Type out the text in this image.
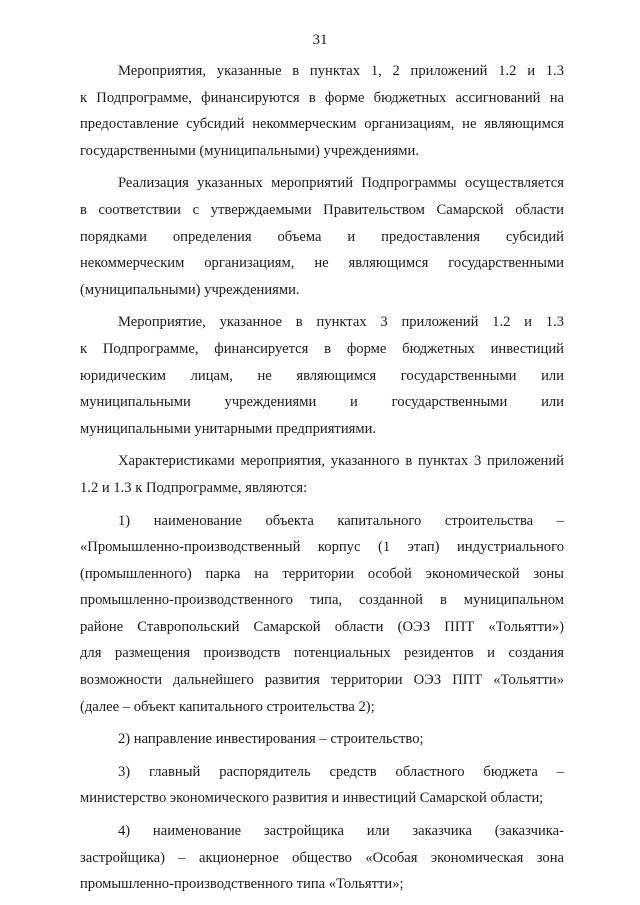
31
Мероприятия, указанные в пунктах 1, 2 приложений 1.2 и 1.3
к Подпрограмме, финансируются в форме бюджетных ассигнований на
предоставление субсидий некоммерческим организациям, не являющимся
государственными (муниципальными) учреждениями.
Реализация указанных мероприятий Подпрограммы осуществляется
в соответствии с утверждаемыми Правительством Самарской области
порядками определения объема и предоставления субсидий
некоммерческим организациям, не являющимся государственными
(муниципальными) учреждениями.
Мероприятие, указанное в пунктах 3 приложений 1.2 и 1.3
к Подпрограмме, финансируется в форме бюджетных инвестиций
юридическим лицам, не являющимся государственными или
муниципальными учреждениями и государственными или
муниципальными унитарными предприятиями.
Характеристиками мероприятия, указанного в пунктах 3 приложений
1.2 и 1.3 к Подпрограмме, являются:
1) наименование объекта капитального строительства –
«Промышленно-производственный корпус (1 этап) индустриального
(промышленного) парка на территории особой экономической зоны
промышленно-производственного типа, созданной в муниципальном
районе Ставропольский Самарской области (ОЭЗ ППТ «Тольятти»)
для размещения производств потенциальных резидентов и создания
возможности дальнейшего развития территории ОЭЗ ППТ «Тольятти»
(далее – объект капитального строительства 2);
2) направление инвестирования – строительство;
3) главный распорядитель средств областного бюджета –
министерство экономического развития и инвестиций Самарской области;
4) наименование застройщика или заказчика (заказчика-
застройщика) – акционерное общество «Особая экономическая зона
промышленно-производственного типа «Тольятти»;
